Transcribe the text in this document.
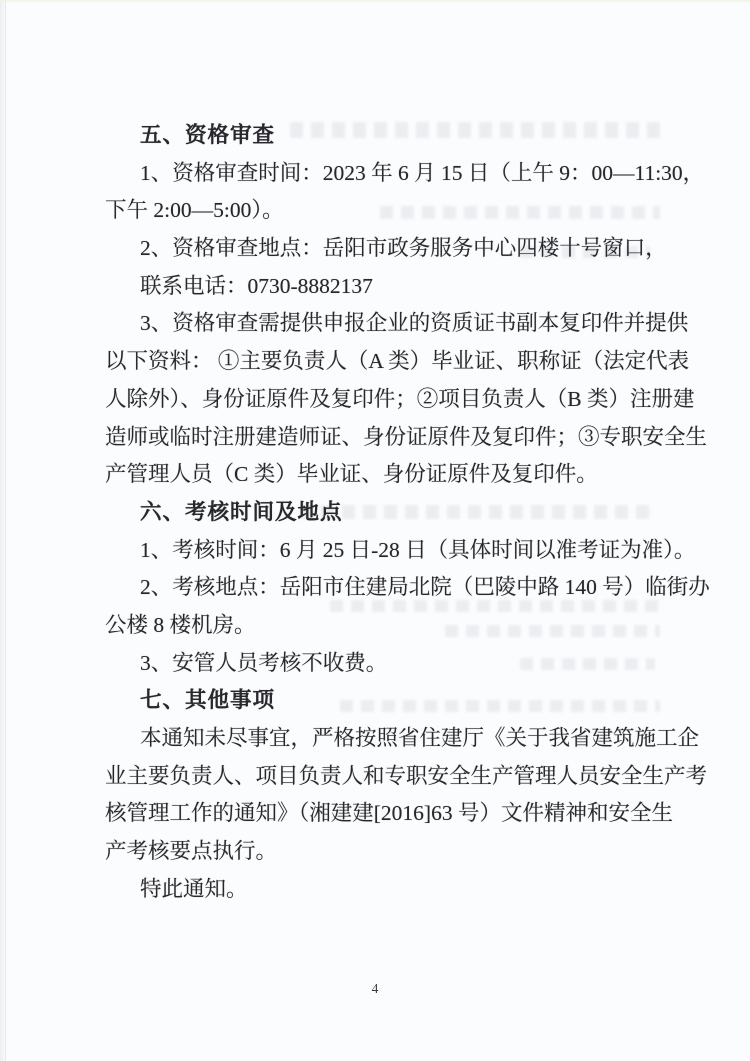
五、资格审查
1、资格审查时间：2023 年 6 月 15 日（上午 9：00—11:30，
下午 2:00—5:00）。
2、资格审查地点：岳阳市政务服务中心四楼十号窗口，
联系电话：0730-8882137
3、资格审查需提供申报企业的资质证书副本复印件并提供
以下资料： ①主要负责人（A 类）毕业证、职称证（法定代表
人除外）、身份证原件及复印件；②项目负责人（B 类）注册建
造师或临时注册建造师证、身份证原件及复印件；③专职安全生
产管理人员（C 类）毕业证、身份证原件及复印件。
六、考核时间及地点
1、考核时间：6 月 25 日-28 日（具体时间以准考证为准）。
2、考核地点：岳阳市住建局北院（巴陵中路 140 号）临街办
公楼 8 楼机房。
3、安管人员考核不收费。
七、其他事项
本通知未尽事宜，严格按照省住建厅《关于我省建筑施工企
业主要负责人、项目负责人和专职安全生产管理人员安全生产考
核管理工作的通知》（湘建建[2016]63 号）文件精神和安全生
产考核要点执行。
特此通知。
4
